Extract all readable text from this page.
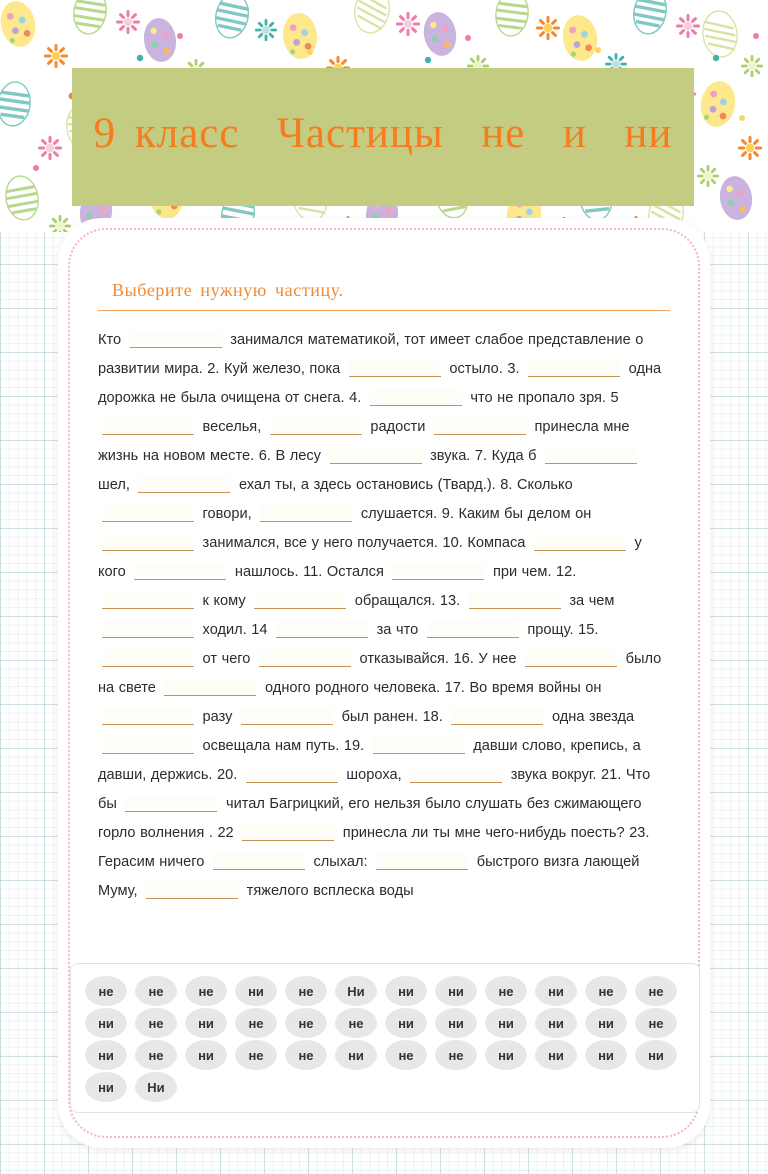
9 класс  Частицы  не  и  ни
Выберите нужную частицу.
Кто	занимался математикой, тот имеет слабое представление о развитии мира. 2. Куй железо, пока	остыло. 3.	одна дорожка не была очищена от снега. 4.	что не пропало зря. 5  веселья,	радости	принесла мне жизнь на новом месте. 6. В лесу	звука. 7. Куда б  шел,	ехал ты, а здесь остановись (Твард.). 8. Сколько  говори,	слушается. 9. Каким бы делом он  занимался, все у него получается. 10. Компаса	у кого	нашлось. 11. Остался	при чем. 12.  к кому	обращался. 13.	за чем  ходил. 14	за что	прощу. 15.  от чего	отказывайся. 16. У нее	было на свете	одного родного человека. 17. Во время войны он  разу	был ранен. 18.	одна звезда  освещала нам путь. 19.	давши слово, крепись, а давши, держись. 20.	шороха,	звука вокруг. 21. Что бы	читал Багрицкий, его нельзя было слушать без сжимающего горло волнения . 22	принесла ли ты мне чего-нибудь поесть? 23. Герасим ничего	слыхал:	быстрого визга лающей Муму,	тяжелого всплеска воды
не	не	не	ни	не	Ни	ни	ни	не	ни	не	не
ни	не	ни	не	не	не	ни	ни	ни	ни	ни	не
ни	не	ни	не	не	ни	не	не	ни	ни	ни	ни
ни	Ни
